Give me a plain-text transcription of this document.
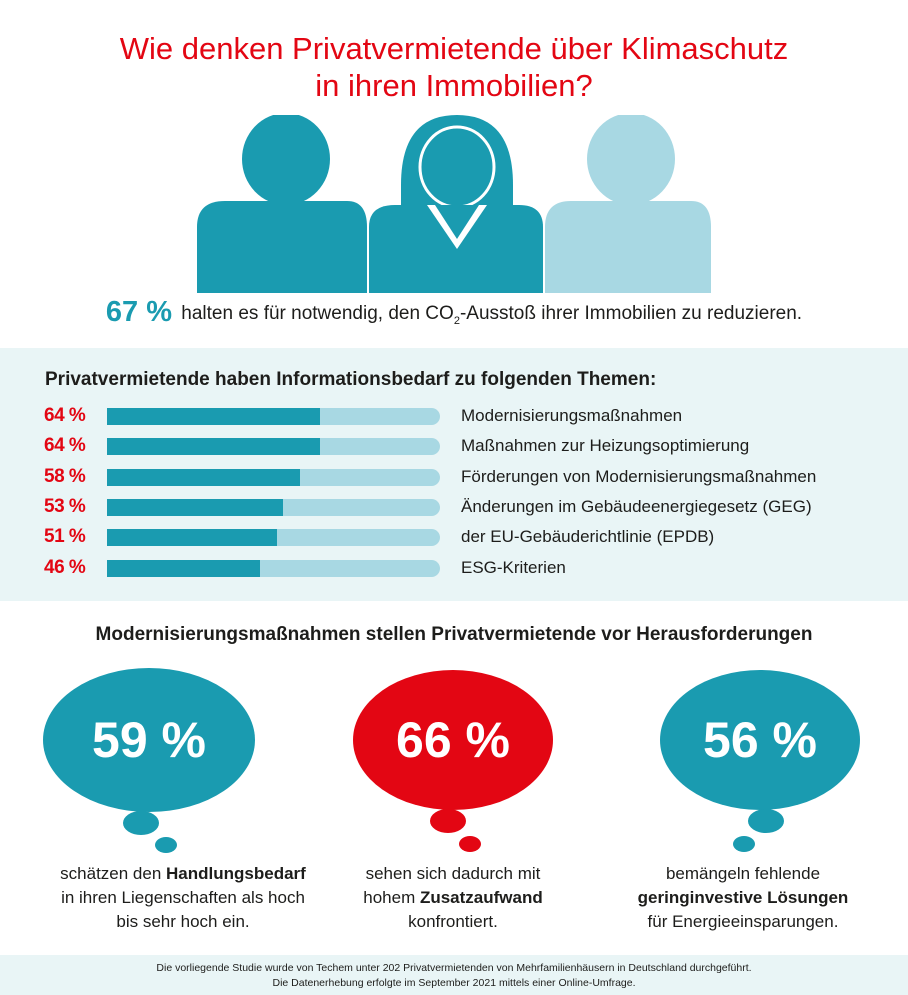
Wie denken Privatvermietende über Klimaschutz
in ihren Immobilien?
67 % halten es für notwendig, den $CO_2$-Ausstoß ihrer Immobilien zu reduzieren.
Privatvermietende haben Informationsbedarf zu folgenden Themen:
64 %	Modernisierungsmaßnahmen
64 %	Maßnahmen zur Heizungsoptimierung
58 %	Förderungen von Modernisierungsmaßnahmen
53 %	Änderungen im Gebäudeenergiegesetz (GEG)
51 %	der EU-Gebäuderichtlinie (EPDB)
46 %	ESG-Kriterien
Modernisierungsmaßnahmen stellen Privatvermietende vor Herausforderungen
59 %	66 %	56 %
schätzen den Handlungsbedarf
in ihren Liegenschaften als hoch
bis sehr hoch ein.
sehen sich dadurch mit
hohem Zusatzaufwand
konfrontiert.
bemängeln fehlende
geringinvestive Lösungen
für Energieeinsparungen.
Die vorliegende Studie wurde von Techem unter 202 Privatvermietenden von Mehrfamilienhäusern in Deutschland durchgeführt.
Die Datenerhebung erfolgte im September 2021 mittels einer Online-Umfrage.
